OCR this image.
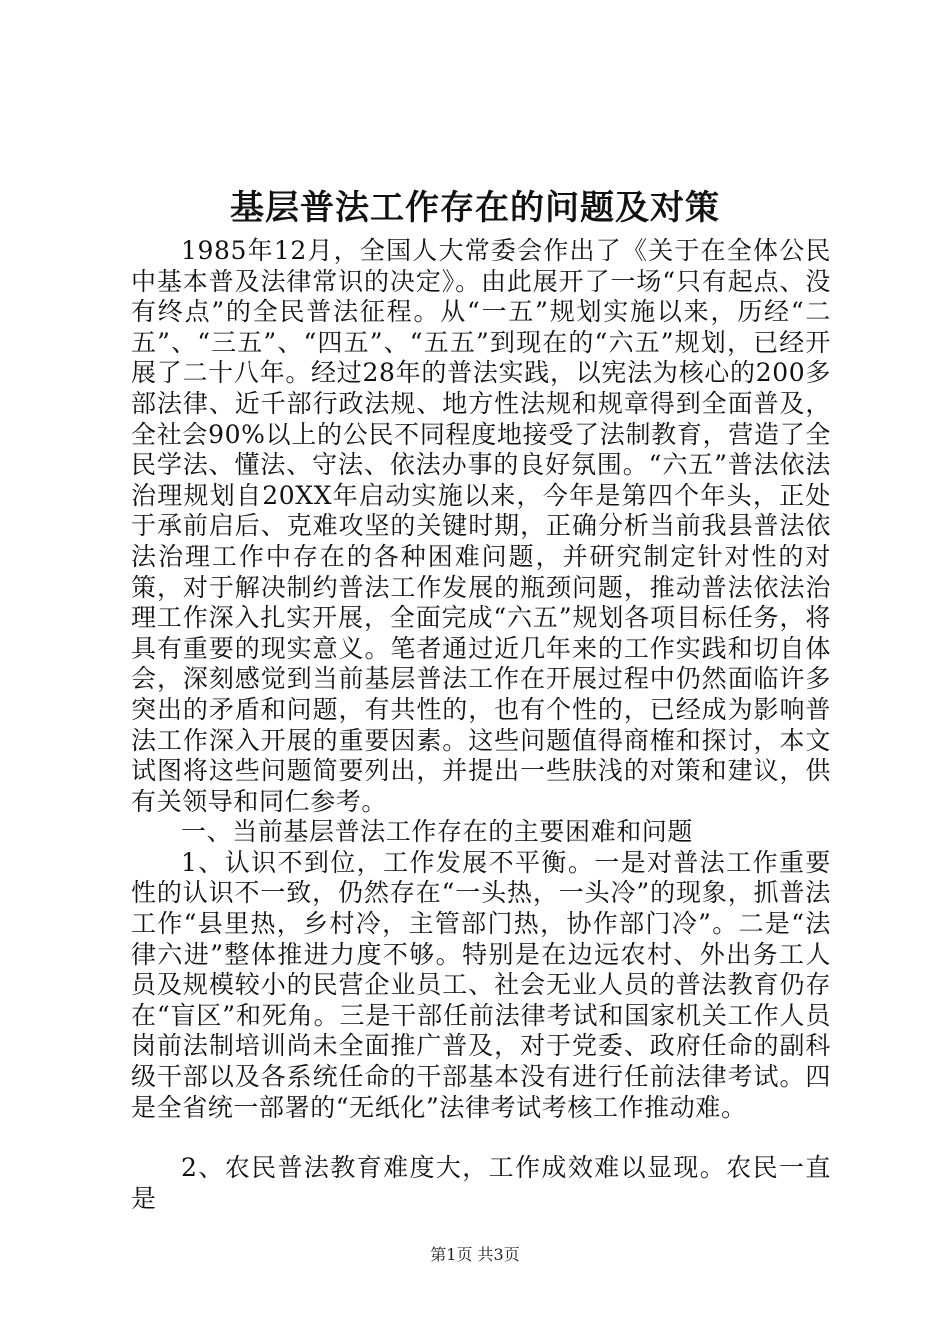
基层普法工作存在的问题及对策

1985年12月，全国人大常委会作出了《关于在全体公民中基本普及法律常识的决定》。由此展开了一场“只有起点、没有终点”的全民普法征程。从“一五”规划实施以来，历经“二五”、“三五”、“四五”、“五五”到现在的“六五”规划，已经开展了二十八年。经过28年的普法实践，以宪法为核心的200多部法律、近千部行政法规、地方性法规和规章得到全面普及，全社会90%以上的公民不同程度地接受了法制教育，营造了全民学法、懂法、守法、依法办事的良好氛围。“六五”普法依法治理规划自20XX年启动实施以来，今年是第四个年头，正处于承前启后、克难攻坚的关键时期，正确分析当前我县普法依法治理工作中存在的各种困难问题，并研究制定针对性的对策，对于解决制约普法工作发展的瓶颈问题，推动普法依法治理工作深入扎实开展，全面完成“六五”规划各项目标任务，将具有重要的现实意义。笔者通过近几年来的工作实践和切自体会，深刻感觉到当前基层普法工作在开展过程中仍然面临许多突出的矛盾和问题，有共性的，也有个性的，已经成为影响普法工作深入开展的重要因素。这些问题值得商榷和探讨，本文试图将这些问题简要列出，并提出一些肤浅的对策和建议，供有关领导和同仁参考。

一、当前基层普法工作存在的主要困难和问题

1、认识不到位，工作发展不平衡。一是对普法工作重要性的认识不一致，仍然存在“一头热，一头冷”的现象，抓普法工作“县里热，乡村冷，主管部门热，协作部门冷”。二是“法律六进”整体推进力度不够。特别是在边远农村、外出务工人员及规模较小的民营企业员工、社会无业人员的普法教育仍存在“盲区”和死角。三是干部任前法律考试和国家机关工作人员岗前法制培训尚未全面推广普及，对于党委、政府任命的副科级干部以及各系统任命的干部基本没有进行任前法律考试。四是全省统一部署的“无纸化”法律考试考核工作推动难。

2、农民普法教育难度大，工作成效难以显现。农民一直是

第1页 共3页
